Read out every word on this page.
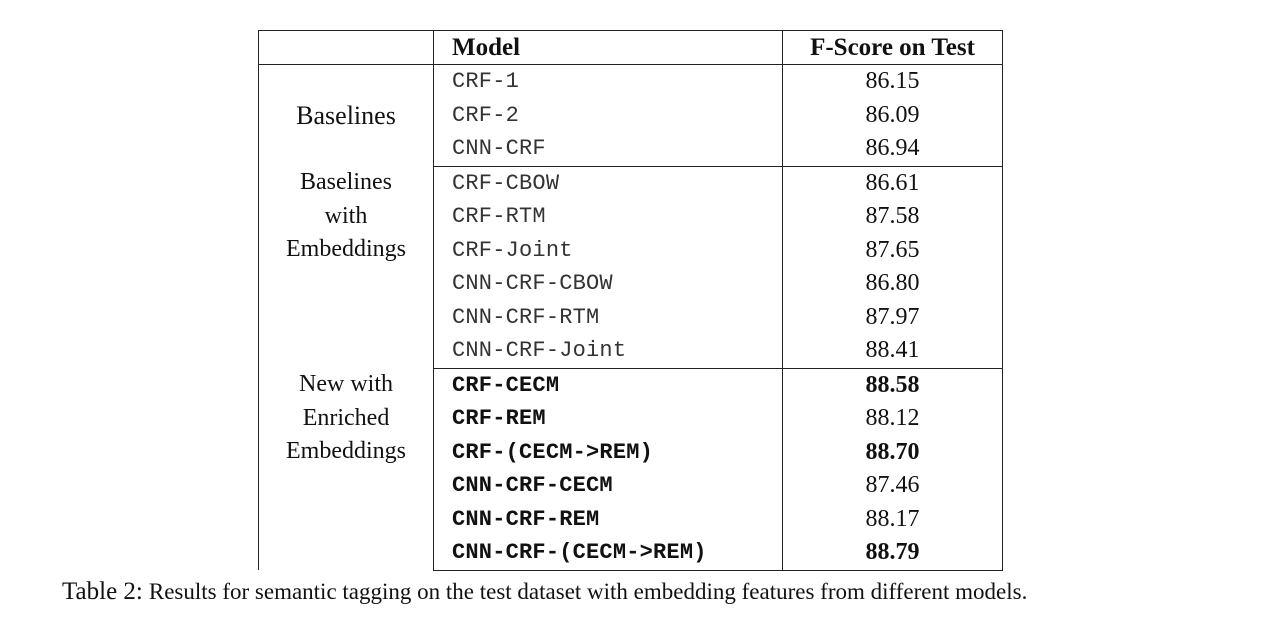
	Model	F-Score on Test
Baselines	CRF-1	86.15
	CRF-2	86.09
	CNN-CRF	86.94

Baselines
with
Embeddings	CRF-CBOW	86.61
	CRF-RTM	87.58
	CRF-Joint	87.65
	CNN-CRF-CBOW	86.80
	CNN-CRF-RTM	87.97
	CNN-CRF-Joint	88.41

New with
Enriched
Embeddings	CRF-CECM	88.58
	CRF-REM	88.12
	CRF-(CECM->REM)	88.70
	CNN-CRF-CECM	87.46
	CNN-CRF-REM	88.17
	CNN-CRF-(CECM->REM)	88.79
Table 2: Results for semantic tagging on the test dataset with embedding features from different models.
